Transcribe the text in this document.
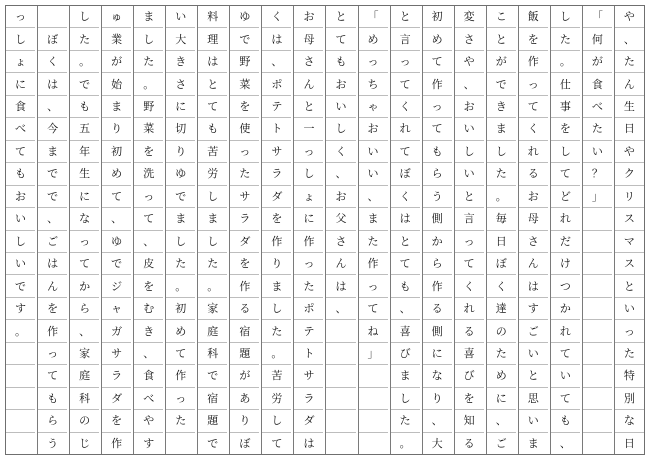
っ
し
ょ
に
食
べ
て
も
お
い
し
い
で
す
。
ぼ
く
は
、
今
ま
で
で
、
ご
は
ん
を
作
っ
て
も
ら
う
し
た
。
で
も
五
年
生
に
な
っ
て
か
ら
、
家
庭
科
の
じ
ゅ
業
が
始
ま
り
初
め
て
、
ゆ
で
ジ
ャ
ガ
サ
ラ
ダ
を
作
ま
し
た
。
野
菜
を
洗
っ
て
、
皮
を
む
き
、
食
べ
や
す
い
大
き
さ
に
切
り
ゆ
で
ま
し
た
。
初
め
て
作
っ
た
料
理
は
と
て
も
苦
労
し
ま
し
た
。
家
庭
科
で
宿
題
で
ゆ
で
野
菜
を
使
っ
た
サ
ラ
ダ
を
作
る
宿
題
が
あ
り
ぼ
く
は
、
ポ
テ
ト
サ
ラ
ダ
を
作
り
ま
し
た
。
苦
労
し
て
お
母
さ
ん
と
一
っ
し
ょ
に
作
っ
た
ポ
テ
ト
サ
ラ
ダ
は
と
て
も
お
い
し
く
、
お
父
さ
ん
は
、
「
め
っ
ち
ゃ
お
い
い
、
ま
た
作
っ
て
ね
」
と
言
っ
て
く
れ
て
ぼ
く
は
と
て
も
、
喜
び
ま
し
た
。
初
め
て
作
っ
て
も
ら
う
側
か
ら
作
る
側
に
な
り
、
大
変
さ
や
、
お
い
し
い
と
言
っ
て
く
れ
る
喜
び
を
知
る
こ
と
が
で
き
ま
し
た
。
毎
日
ぼ
く
達
の
た
め
に
、
ご
飯
を
作
っ
て
く
れ
る
お
母
さ
ん
は
す
ご
い
と
思
い
ま
し
た
。
仕
事
を
し
て
ど
れ
だ
け
つ
か
れ
て
い
て
も
、
「
何
が
食
べ
た
い
？
」
や
、
た
ん
生
日
や
ク
リ
ス
マ
ス
と
い
っ
た
特
別
な
日
